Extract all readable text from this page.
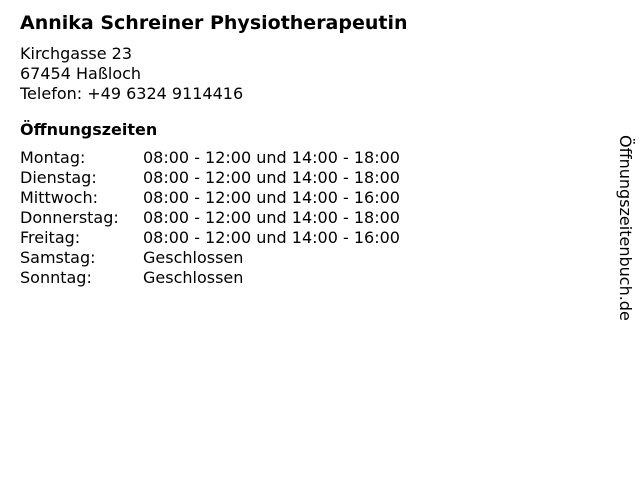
Annika Schreiner Physiotherapeutin
Kirchgasse 23
67454 Haßloch
Telefon: +49 6324 9114416
Öffnungszeiten
Montag:	08:00 - 12:00 und 14:00 - 18:00
Dienstag:	08:00 - 12:00 und 14:00 - 18:00
Mittwoch:	08:00 - 12:00 und 14:00 - 16:00
Donnerstag:	08:00 - 12:00 und 14:00 - 18:00
Freitag:	08:00 - 12:00 und 14:00 - 16:00
Samstag:	Geschlossen
Sonntag:	Geschlossen	Öffnungszeitenbuch.de
